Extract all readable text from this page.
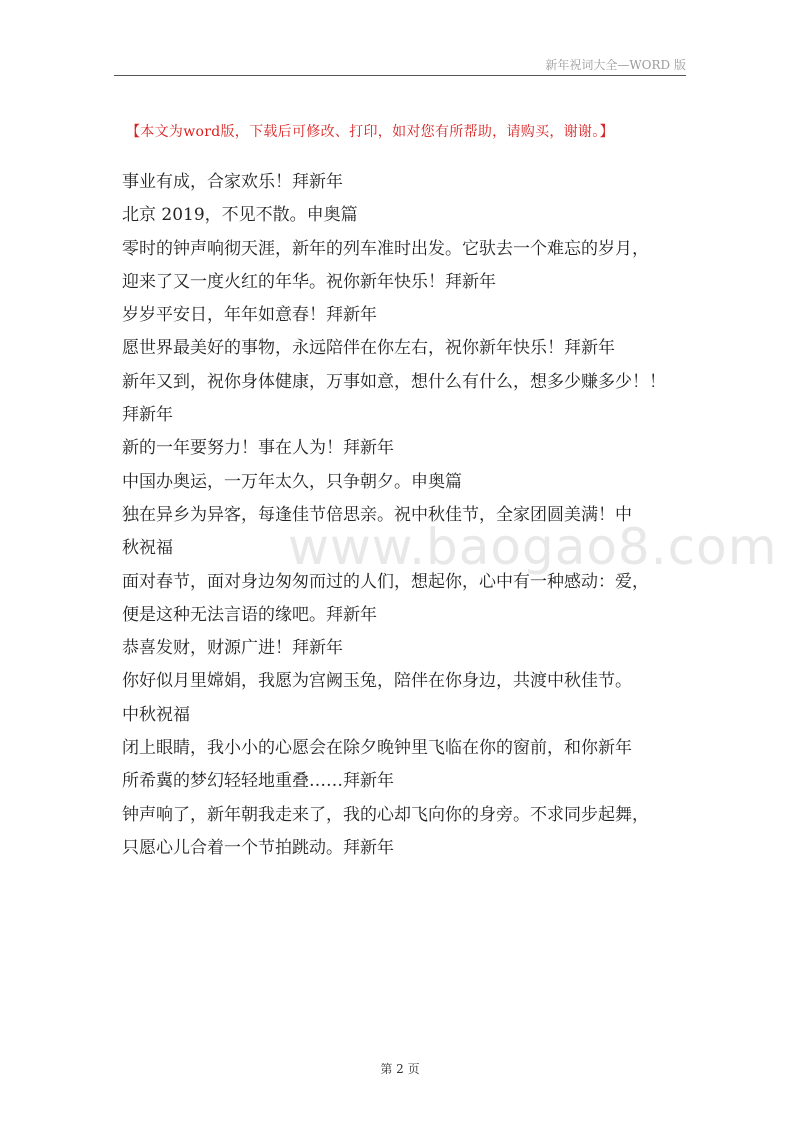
新年祝词大全—WORD 版
【本文为word版，下载后可修改、打印，如对您有所帮助，请购买，谢谢。】
事业有成，合家欢乐！拜新年
北京 2019，不见不散。申奥篇
零时的钟声响彻天涯，新年的列车准时出发。它驮去一个难忘的岁月，
迎来了又一度火红的年华。祝你新年快乐！拜新年
岁岁平安日，年年如意春！拜新年
愿世界最美好的事物，永远陪伴在你左右，祝你新年快乐！拜新年
新年又到，祝你身体健康，万事如意，想什么有什么，想多少赚多少！！
拜新年
新的一年要努力！事在人为！拜新年
中国办奥运，一万年太久，只争朝夕。申奥篇
独在异乡为异客，每逢佳节倍思亲。祝中秋佳节，全家团圆美满！中
秋祝福
面对春节，面对身边匆匆而过的人们，想起你，心中有一种感动：爱，
便是这种无法言语的缘吧。拜新年
恭喜发财，财源广进！拜新年
你好似月里嫦娟，我愿为宫阙玉兔，陪伴在你身边，共渡中秋佳节。
中秋祝福
闭上眼睛，我小小的心愿会在除夕晚钟里飞临在你的窗前，和你新年
所希冀的梦幻轻轻地重叠……拜新年
钟声响了，新年朝我走来了，我的心却飞向你的身旁。不求同步起舞，
只愿心儿合着一个节拍跳动。拜新年
www.baogao8.com
第 2 页
